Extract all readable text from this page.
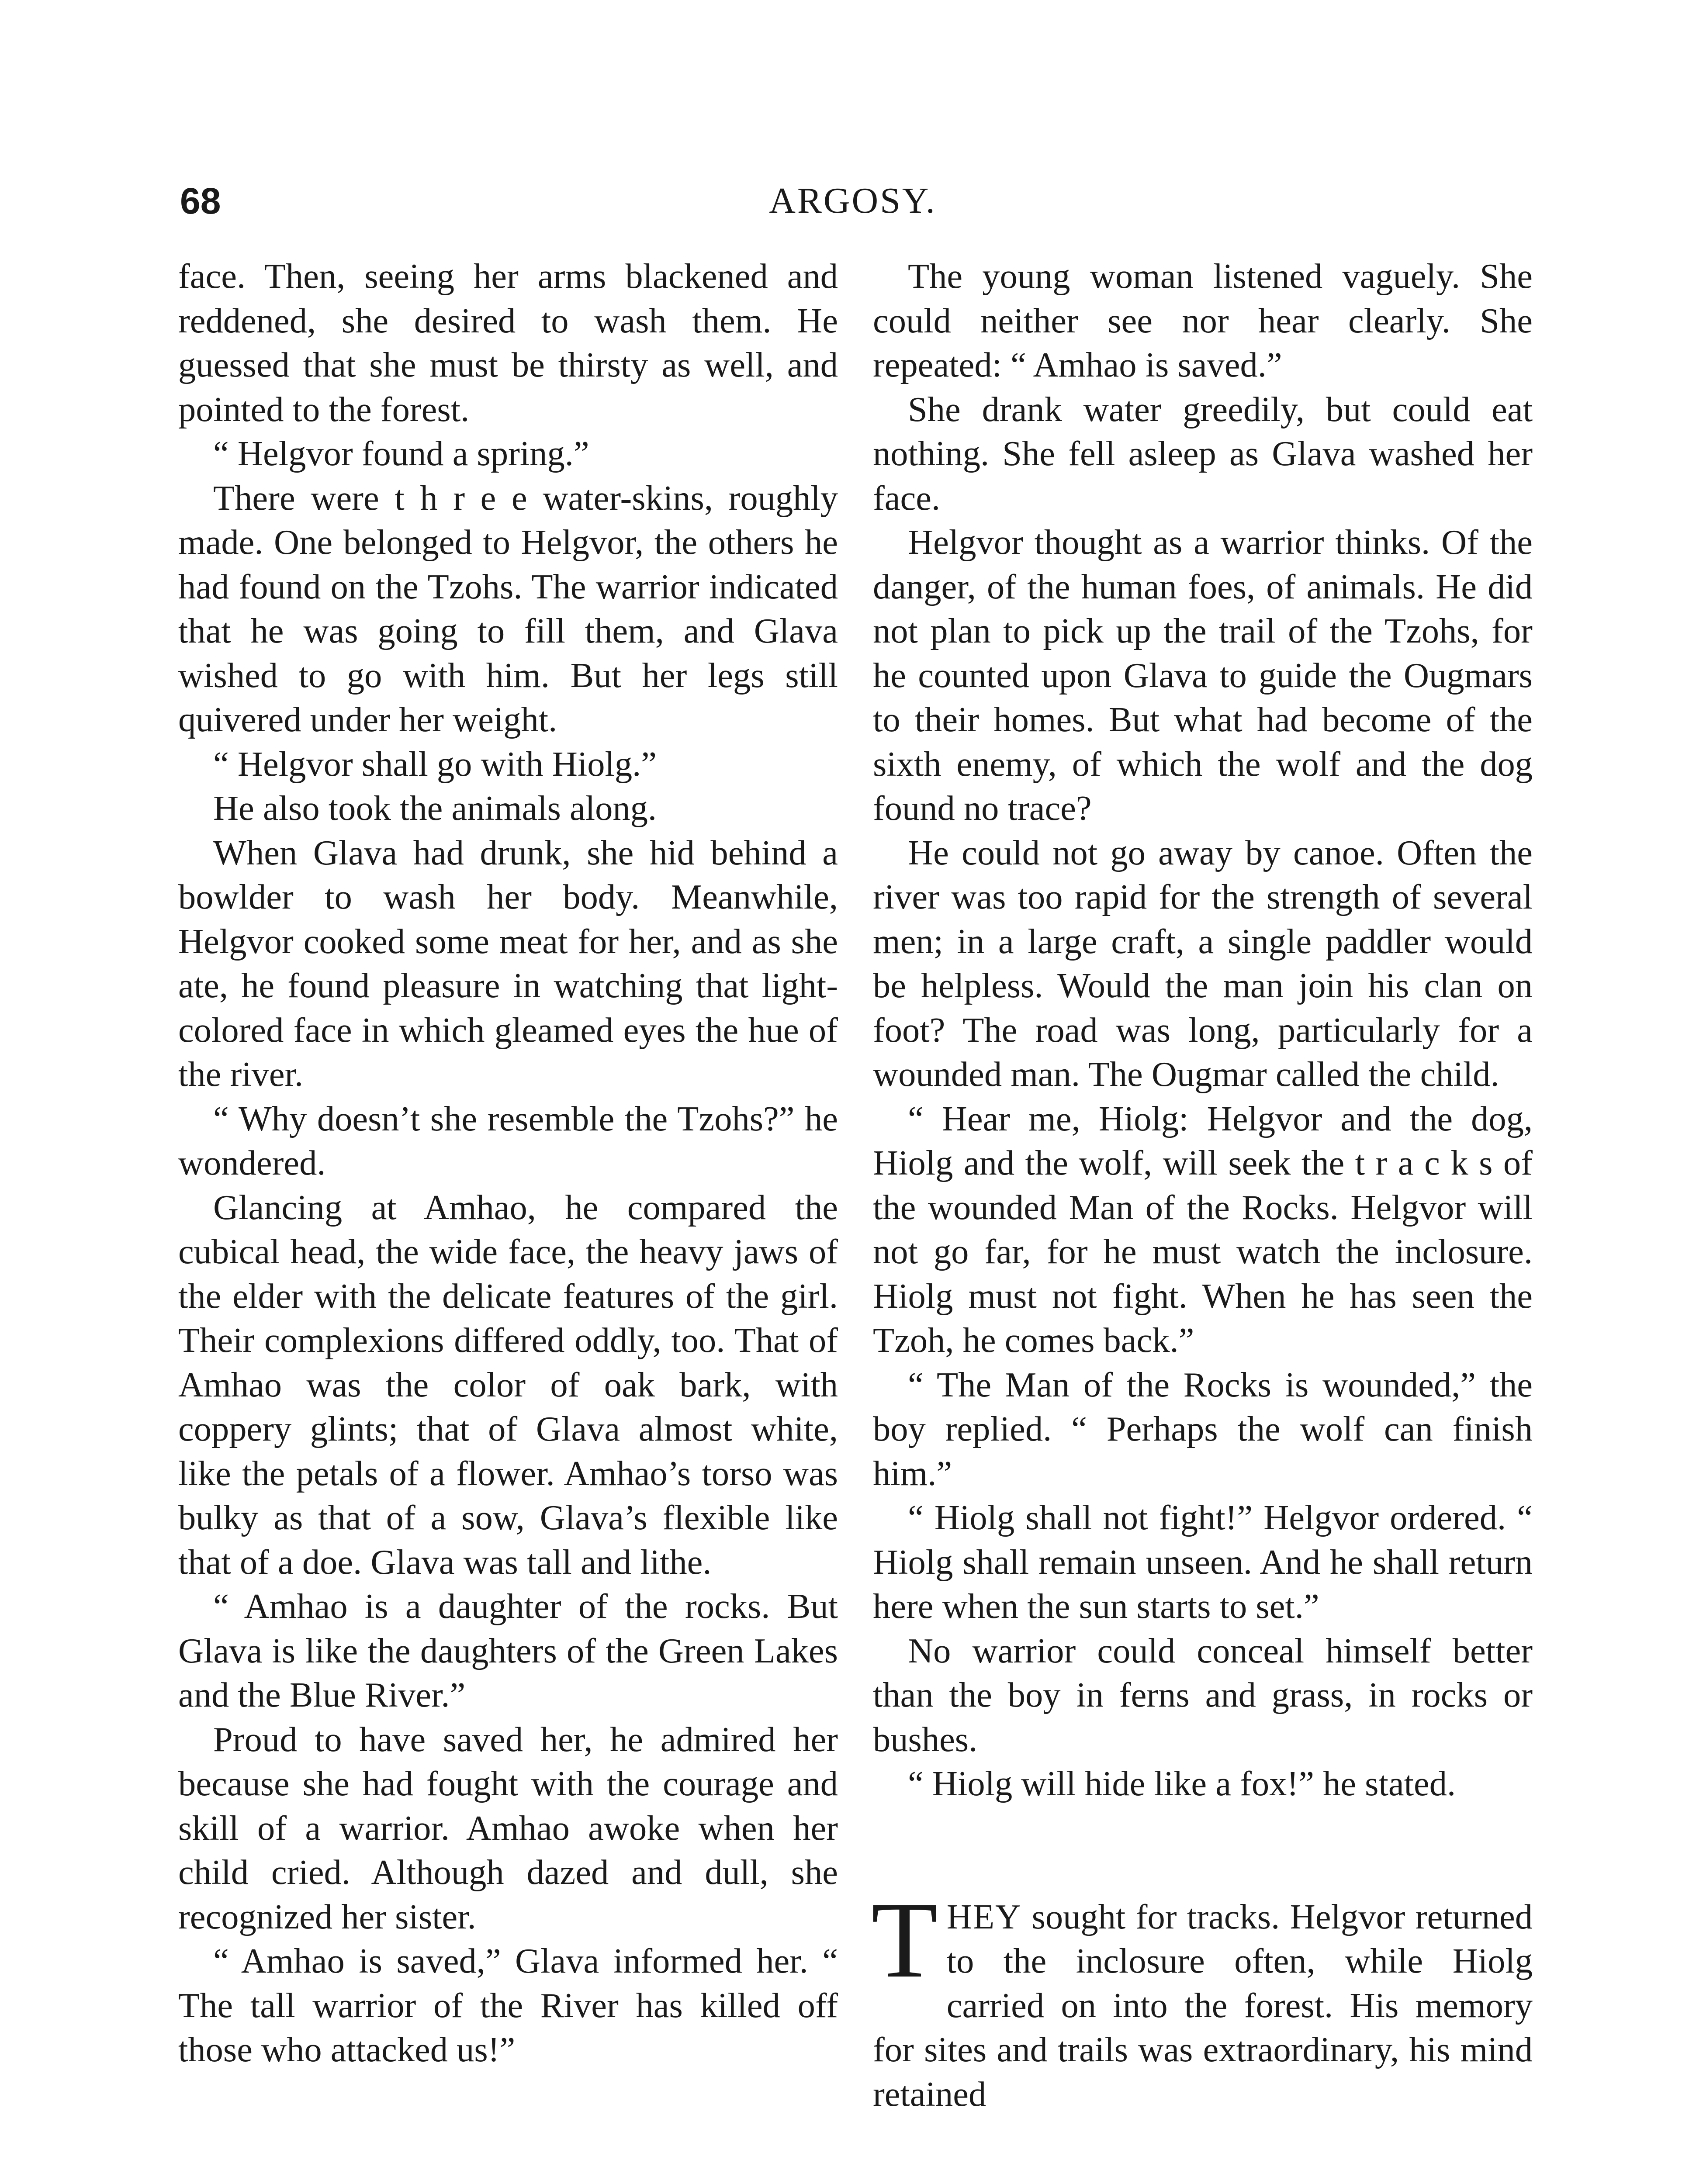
68	ARGOSY.

face. Then, seeing her arms blackened and reddened, she desired to wash them. He guessed that she must be thirsty as well, and pointed to the forest.

“ Helgvor found a spring.”

There were t h r e e water-skins, roughly made. One belonged to Helgvor, the others he had found on the Tzohs. The warrior indicated that he was going to fill them, and Glava wished to go with him. But her legs still quivered under her weight.

“ Helgvor shall go with Hiolg.”

He also took the animals along.

When Glava had drunk, she hid behind a bowlder to wash her body. Meanwhile, Helgvor cooked some meat for her, and as she ate, he found pleasure in watching that light-colored face in which gleamed eyes the hue of the river.

“ Why doesn’t she resemble the Tzohs?” he wondered.

Glancing at Amhao, he compared the cubical head, the wide face, the heavy jaws of the elder with the delicate features of the girl. Their complexions differed oddly, too. That of Amhao was the color of oak bark, with coppery glints; that of Glava almost white, like the petals of a flower. Amhao’s torso was bulky as that of a sow, Glava’s flexible like that of a doe. Glava was tall and lithe.

“ Amhao is a daughter of the rocks. But Glava is like the daughters of the Green Lakes and the Blue River.”

Proud to have saved her, he admired her because she had fought with the courage and skill of a warrior. Amhao awoke when her child cried. Although dazed and dull, she recognized her sister.

“ Amhao is saved,” Glava informed her. “ The tall warrior of the River has killed off those who attacked us!”

The young woman listened vaguely. She could neither see nor hear clearly. She repeated: “ Amhao is saved.”

She drank water greedily, but could eat nothing. She fell asleep as Glava washed her face.

Helgvor thought as a warrior thinks. Of the danger, of the human foes, of animals. He did not plan to pick up the trail of the Tzohs, for he counted upon Glava to guide the Ougmars to their homes. But what had become of the sixth enemy, of which the wolf and the dog found no trace?

He could not go away by canoe. Often the river was too rapid for the strength of several men; in a large craft, a single paddler would be helpless. Would the man join his clan on foot? The road was long, particularly for a wounded man. The Ougmar called the child.

“ Hear me, Hiolg: Helgvor and the dog, Hiolg and the wolf, will seek the t r a c k s of the wounded Man of the Rocks. Helgvor will not go far, for he must watch the inclosure. Hiolg must not fight. When he has seen the Tzoh, he comes back.”

“ The Man of the Rocks is wounded,” the boy replied. “ Perhaps the wolf can finish him.”

“ Hiolg shall not fight!” Helgvor ordered. “ Hiolg shall remain unseen. And he shall return here when the sun starts to set.”

No warrior could conceal himself better than the boy in ferns and grass, in rocks or bushes.

“ Hiolg will hide like a fox!” he stated.

THEY sought for tracks. Helgvor returned to the inclosure often, while Hiolg carried on into the forest. His memory for sites and trails was extraordinary, his mind retained
